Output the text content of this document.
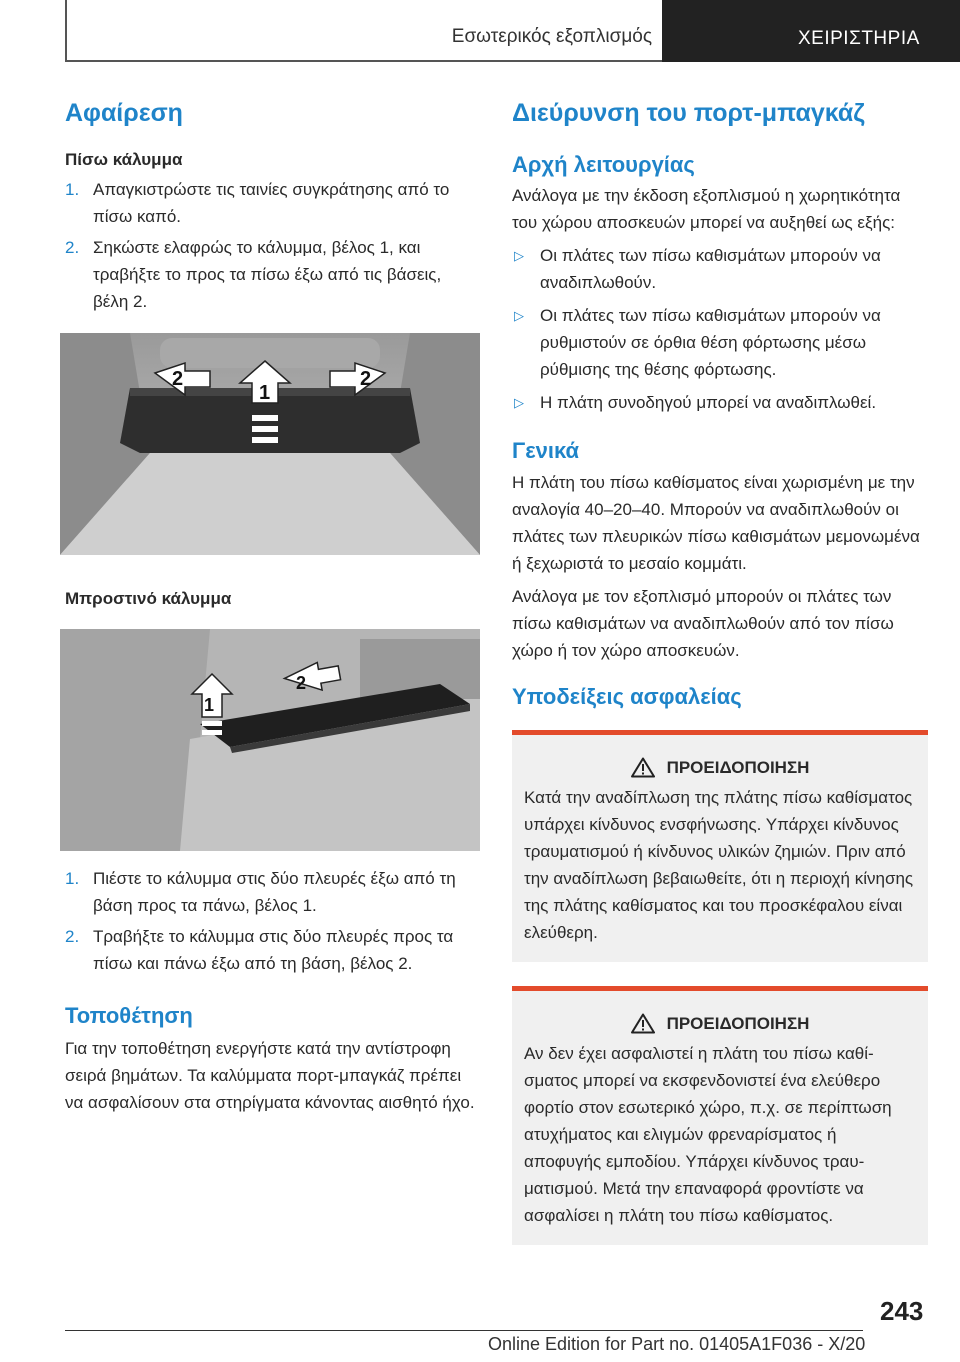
Εσωτερικός εξοπλισμός	ΧΕΙΡΙΣΤΗΡΙΑ
Αφαίρεση
Πίσω κάλυμμα
1. Απαγκιστρώστε τις ταινίες συγκράτησης από το πίσω καπό.
2. Σηκώστε ελαφρώς το κάλυμμα, βέλος 1, και τραβήξτε το προς τα πίσω έξω από τις βάσεις, βέλη 2.
2
1
2
Μπροστινό κάλυμμα
1
2
1. Πιέστε το κάλυμμα στις δύο πλευρές έξω από τη βάση προς τα πάνω, βέλος 1.
2. Τραβήξτε το κάλυμμα στις δύο πλευρές προς τα πίσω και πάνω έξω από τη βάση, βέλος 2.
Τοποθέτηση

Για την τοποθέτηση ενεργήστε κατά την αντίστροφη σειρά βημάτων. Τα καλύμματα πορτ-μπαγκάζ πρέπει να ασφαλίσουν στα στηρίγματα κάνοντας αισθητό ήχο.

Διεύρυνση του πορτ-μπαγκάζ
Αρχή λειτουργίας

Ανάλογα με την έκδοση εξοπλισμού η χωρητικότητα του χώρου αποσκευών μπορεί να αυξηθεί ως εξής:

▷ Οι πλάτες των πίσω καθισμάτων μπορούν να αναδιπλωθούν.
▷ Οι πλάτες των πίσω καθισμάτων μπορούν να ρυθμιστούν σε όρθια θέση φόρτωσης μέσω ρύθμισης της θέσης φόρτωσης.
▷ Η πλάτη συνοδηγού μπορεί να αναδιπλωθεί.
Γενικά

Η πλάτη του πίσω καθίσματος είναι χωρισμένη με την αναλογία 40–20–40. Μπορούν να αναδιπλωθούν οι πλάτες των πλευρικών πίσω καθισμάτων μεμονωμένα ή ξεχωριστά το μεσαίο κομμάτι.

Ανάλογα με τον εξοπλισμό μπορούν οι πλάτες των πίσω καθισμάτων να αναδιπλωθούν από τον πίσω χώρο ή τον χώρο αποσκευών.

Υποδείξεις ασφαλείας
ΠΡΟΕΙΔΟΠΟΙΗΣΗ

Κατά την αναδίπλωση της πλάτης πίσω καθίσματος υπάρχει κίνδυνος ενσφήνωσης. Υπάρχει κίνδυνος τραυματισμού ή κίνδυνος υλικών ζημιών. Πριν από την αναδίπλωση βεβαιωθείτε, ότι η περιοχή κίνησης της πλάτης καθίσματος και του προσκέφαλου είναι ελεύθερη.

ΠΡΟΕΙΔΟΠΟΙΗΣΗ

Αν δεν έχει ασφαλιστεί η πλάτη του πίσω καθίσματος μπορεί να εκσφενδονιστεί ένα ελεύθερο φορτίο στον εσωτερικό χώρο, π.χ. σε περίπτωση ατυχήματος και ελιγμών φρεναρίσματος ή αποφυγής εμποδίου. Υπάρχει κίνδυνος τραυματισμού. Μετά την επαναφορά φροντίστε να ασφαλίσει η πλάτη του πίσω καθίσματος.

243
Online Edition for Part no. 01405A1F036 - X/20
